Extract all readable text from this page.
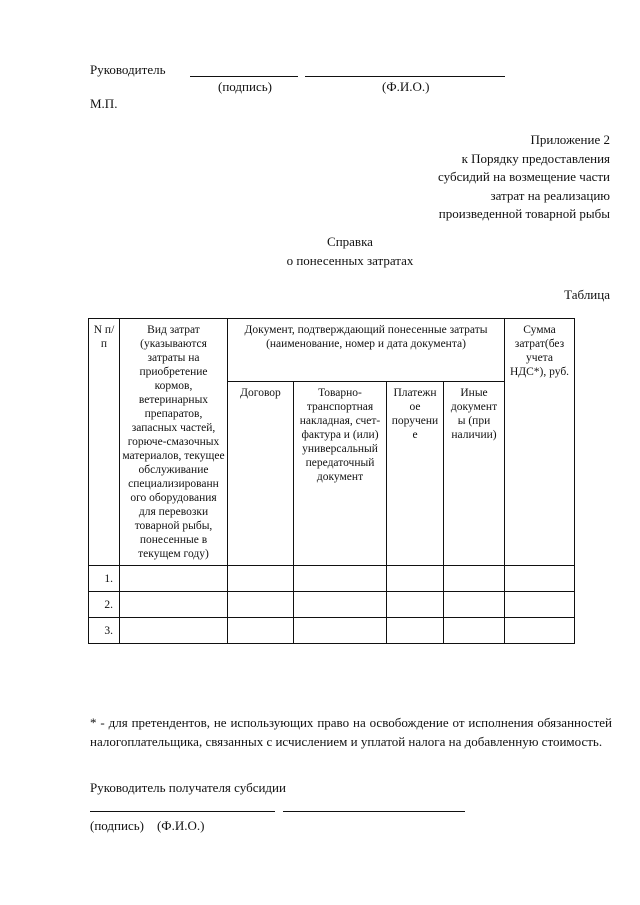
Руководитель
(подпись)	(Ф.И.О.)
М.П.
Приложение 2
к Порядку предоставления
субсидий на возмещение части
затрат на реализацию
произведенной товарной рыбы
Справка
о понесенных затратах
Таблица
N п/п	Вид затрат (указываются затраты на приобретение кормов, ветеринарных препаратов, запасных частей, горюче-смазочных материалов, текущее обслуживание специализированн ого оборудования для перевозки товарной рыбы, понесенные в текущем году)	Документ, подтверждающий понесенные затраты (наименование, номер и дата документа)				Сумма затрат(без учета НДС*), руб.
		Договор	Товарно-транспортная накладная, счет-фактура и (или) универсальный передаточный документ	Платежн ое поручени е	Иные документ ы (при наличии)	
1.						
2.						
3.						
* - для претендентов, не использующих право на освобождение от исполнения обязанностей налогоплательщика, связанных с исчислением и уплатой налога на добавленную стоимость.
Руководитель получателя субсидии
(подпись)    (Ф.И.О.)
